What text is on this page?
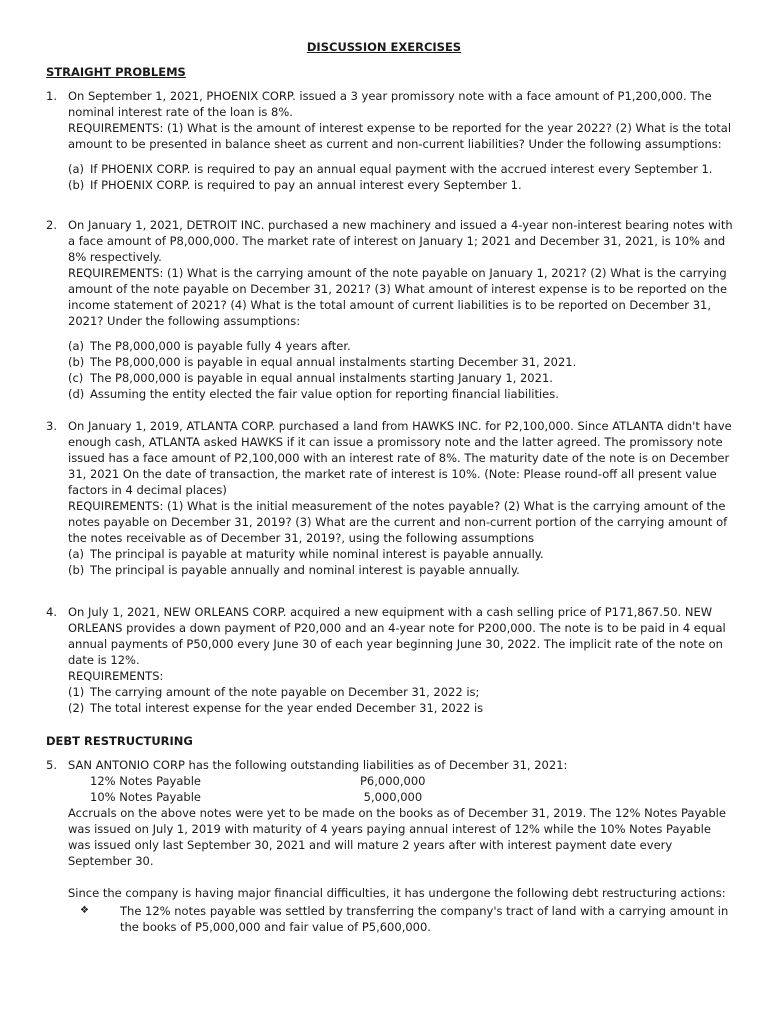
DISCUSSION EXERCISES
STRAIGHT PROBLEMS
1. On September 1, 2021, PHOENIX CORP. issued a 3 year promissory note with a face amount of P1,200,000. The nominal interest rate of the loan is 8%.

REQUIREMENTS: (1) What is the amount of interest expense to be reported for the year 2022? (2) What is the total amount to be presented in balance sheet as current and non-current liabilities? Under the following assumptions:

(a) If PHOENIX CORP. is required to pay an annual equal payment with the accrued interest every September 1.
(b) If PHOENIX CORP. is required to pay an annual interest every September 1.
2. On January 1, 2021, DETROIT INC. purchased a new machinery and issued a 4-year non-interest bearing notes with a face amount of P8,000,000. The market rate of interest on January 1; 2021 and December 31, 2021, is 10% and 8% respectively.

REQUIREMENTS: (1) What is the carrying amount of the note payable on January 1, 2021? (2) What is the carrying amount of the note payable on December 31, 2021? (3) What amount of interest expense is to be reported on the income statement of 2021? (4) What is the total amount of current liabilities is to be reported on December 31, 2021? Under the following assumptions:

(a) The P8,000,000 is payable fully 4 years after.
(b) The P8,000,000 is payable in equal annual instalments starting December 31, 2021.
(c) The P8,000,000 is payable in equal annual instalments starting January 1, 2021.
(d) Assuming the entity elected the fair value option for reporting financial liabilities.
3. On January 1, 2019, ATLANTA CORP. purchased a land from HAWKS INC. for P2,100,000. Since ATLANTA didn't have enough cash, ATLANTA asked HAWKS if it can issue a promissory note and the latter agreed. The promissory note issued has a face amount of P2,100,000 with an interest rate of 8%. The maturity date of the note is on December 31, 2021 On the date of transaction, the market rate of interest is 10%. (Note: Please round-off all present value factors in 4 decimal places)

REQUIREMENTS: (1) What is the initial measurement of the notes payable? (2) What is the carrying amount of the notes payable on December 31, 2019? (3) What are the current and non-current portion of the carrying amount of the notes receivable as of December 31, 2019?, using the following assumptions

(a) The principal is payable at maturity while nominal interest is payable annually.
(b) The principal is payable annually and nominal interest is payable annually.
4. On July 1, 2021, NEW ORLEANS CORP. acquired a new equipment with a cash selling price of P171,867.50. NEW ORLEANS provides a down payment of P20,000 and an 4-year note for P200,000. The note is to be paid in 4 equal annual payments of P50,000 every June 30 of each year beginning June 30, 2022. The implicit rate of the note on date is 12%.

REQUIREMENTS:

(1) The carrying amount of the note payable on December 31, 2022 is;
(2) The total interest expense for the year ended December 31, 2022 is
DEBT RESTRUCTURING
5. SAN ANTONIO CORP has the following outstanding liabilities as of December 31, 2021:

12% Notes Payable	P6,000,000
10% Notes Payable	5,000,000

Accruals on the above notes were yet to be made on the books as of December 31, 2019. The 12% Notes Payable was issued on July 1, 2019 with maturity of 4 years paying annual interest of 12% while the 10% Notes Payable was issued only last September 30, 2021 and will mature 2 years after with interest payment date every September 30.

Since the company is having major financial difficulties, it has undergone the following debt restructuring actions:

❖	The 12% notes payable was settled by transferring the company's tract of land with a carrying amount in the books of P5,000,000 and fair value of P5,600,000.
